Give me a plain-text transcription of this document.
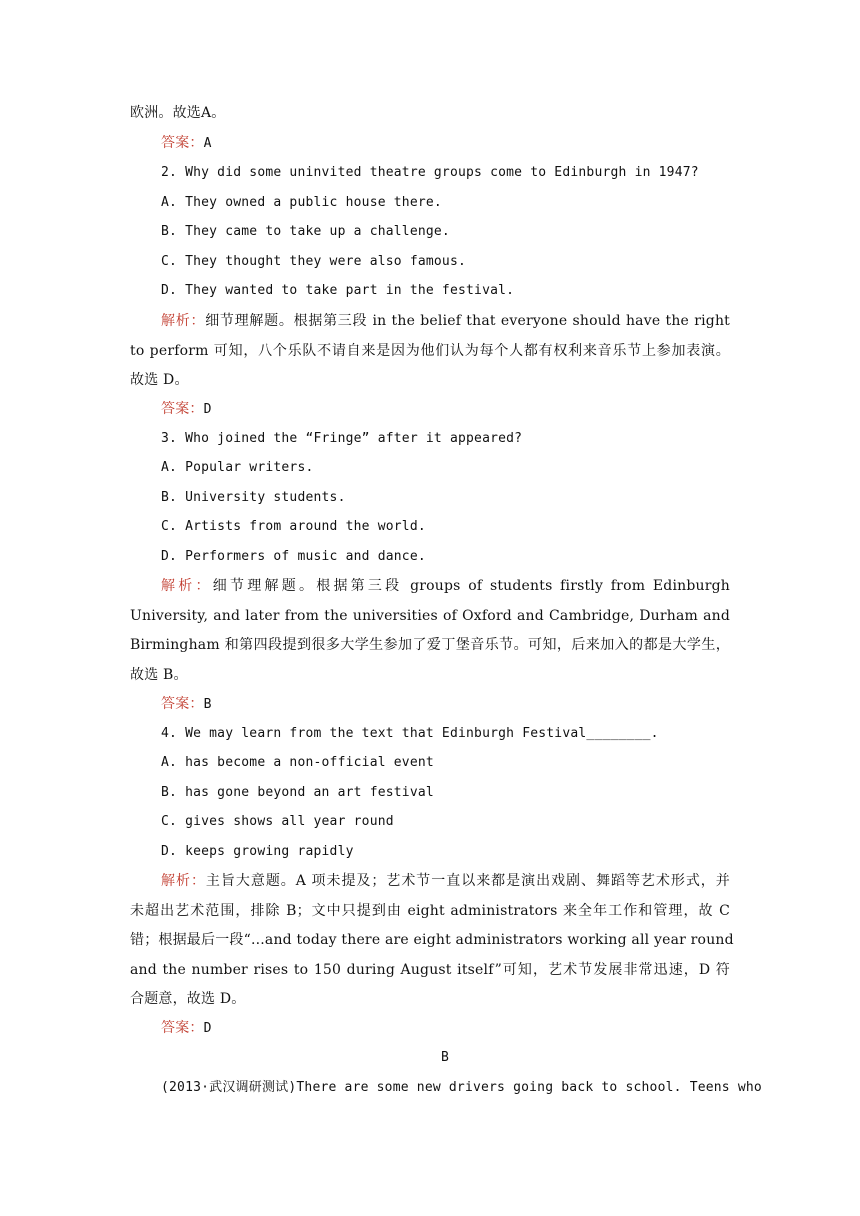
欧洲。故选A。
答案：A
2. Why did some uninvited theatre groups come to Edinburgh in 1947?
A. They owned a public house there.
B. They came to take up a challenge.
C. They thought they were also famous.
D. They wanted to take part in the festival.
解析：细节理解题。根据第三段 in the belief that everyone should have the right
to perform 可知，八个乐队不请自来是因为他们认为每个人都有权利来音乐节上参加表演。
故选 D。
答案：D
3. Who joined the “Fringe” after it appeared?
A. Popular writers.
B. University students.
C. Artists from around the world.
D. Performers of music and dance.
解析：细节理解题。根据第三段 groups of students firstly from Edinburgh
University, and later from the universities of Oxford and Cambridge, Durham and
Birmingham 和第四段提到很多大学生参加了爱丁堡音乐节。可知，后来加入的都是大学生，
故选 B。
答案：B
4. We may learn from the text that Edinburgh Festival________.
A. has become a non-official event
B. has gone beyond an art festival
C. gives shows all year round
D. keeps growing rapidly
解析：主旨大意题。A 项未提及；艺术节一直以来都是演出戏剧、舞蹈等艺术形式，并
未超出艺术范围，排除 B；文中只提到由 eight administrators 来全年工作和管理，故 C
错；根据最后一段“...and today there are eight administrators working all year round
and the number rises to 150 during August itself”可知，艺术节发展非常迅速，D 符
合题意，故选 D。
答案：D
B
(2013·武汉调研测试)There are some new drivers going back to school. Teens who
